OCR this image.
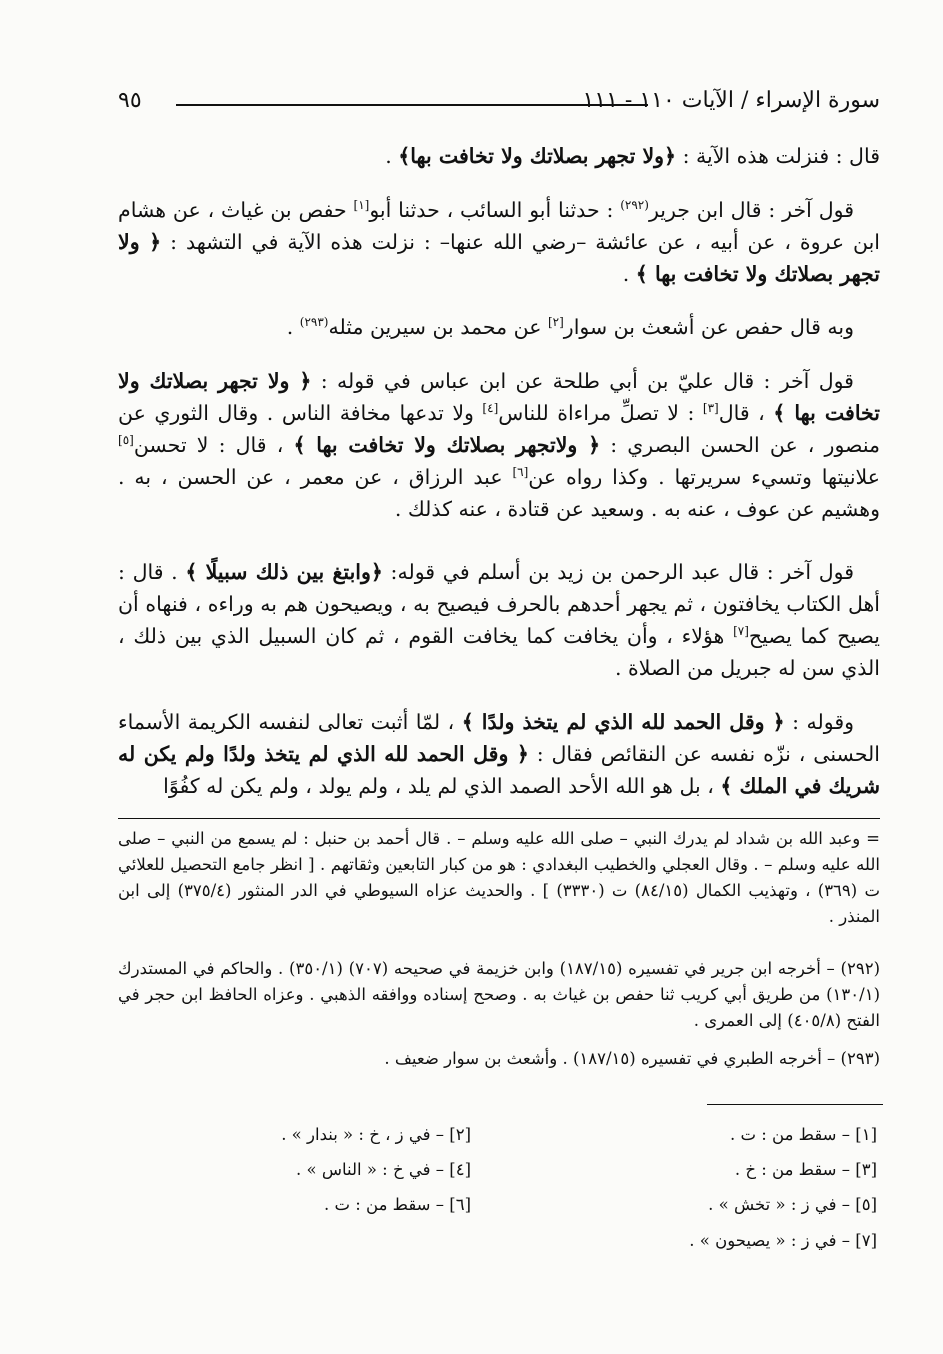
سورة الإسراء / الآيات ١١٠ - ١١١
٩٥
قال : فنزلت هذه الآية : ﴿ولا تجهر بصلاتك ولا تخافت بها﴾ .
قول آخر : قال ابن جرير$^{(٢٩٢)}$ : حدثنا أبو السائب ، حدثنا أبو[١] حفص بن غياث ، عن هشام ابن عروة ، عن أبيه ، عن عائشة –رضي الله عنها– : نزلت هذه الآية في التشهد : ﴿ ولا تجهر بصلاتك ولا تخافت بها ﴾ .
وبه قال حفص عن أشعث بن سوار[٢] عن محمد بن سيرين مثله$^{(٢٩٣)}$ .
قول آخر : قال عليّ بن أبي طلحة عن ابن عباس في قوله : ﴿ ولا تجهر بصلاتك ولا تخافت بها ﴾ ، قال[٣] : لا تصلِّ مراءاة للناس[٤] ولا تدعها مخافة الناس . وقال الثوري عن منصور ، عن الحسن البصري : ﴿ ولاتجهر بصلاتك ولا تخافت بها ﴾ ، قال : لا تحسن[٥] علانيتها وتسيء سريرتها . وكذا رواه عن[٦] عبد الرزاق ، عن معمر ، عن الحسن ، به . وهشيم عن عوف ، عنه به . وسعيد عن قتادة ، عنه كذلك .
قول آخر : قال عبد الرحمن بن زيد بن أسلم في قوله: ﴿وابتغ بين ذلك سبيلًا ﴾ . قال : أهل الكتاب يخافتون ، ثم يجهر أحدهم بالحرف فيصيح به ، ويصيحون هم به وراءه ، فنهاه أن يصيح كما يصيح[٧] هؤلاء ، وأن يخافت كما يخافت القوم ، ثم كان السبيل الذي بين ذلك ، الذي سن له جبريل من الصلاة .
وقوله : ﴿ وقل الحمد لله الذي لم يتخذ ولدًا ﴾ ، لمّا أثبت تعالى لنفسه الكريمة الأسماء الحسنى ، نزّه نفسه عن النقائص فقال : ﴿ وقل الحمد لله الذي لم يتخذ ولدًا ولم يكن له شريك في الملك ﴾ ، بل هو الله الأحد الصمد الذي لم يلد ، ولم يولد ، ولم يكن له كفُوًا
= وعبد الله بن شداد لم يدرك النبي – صلى الله عليه وسلم – . قال أحمد بن حنبل : لم يسمع من النبي – صلى الله عليه وسلم – . وقال العجلي والخطيب البغدادي : هو من كبار التابعين وثقاتهم . [ انظر جامع التحصيل للعلائي ت (٣٦٩) ، وتهذيب الكمال (٨٤/١٥) ت (٣٣٣٠) ] . والحديث عزاه السيوطي في الدر المنثور (٣٧٥/٤) إلى ابن المنذر .
(٢٩٢) – أخرجه ابن جرير في تفسيره (١٨٧/١٥) وابن خزيمة في صحيحه (٧٠٧) (٣٥٠/١) . والحاكم في المستدرك (١٣٠/١) من طريق أبي كريب ثنا حفص بن غياث به . وصحح إسناده ووافقه الذهبي . وعزاه الحافظ ابن حجر في الفتح (٤٠٥/٨) إلى العمرى .
(٢٩٣) – أخرجه الطبري في تفسيره (١٨٧/١٥) . وأشعث بن سوار ضعيف .
[١] – سقط من : ت .
[٢] – في ز ، خ : « بندار » .
[٣] – سقط من : خ .
[٤] – في خ : « الناس » .
[٥] – في ز : « تخش » .
[٦] – سقط من : ت .
[٧] – في ز : « يصيحون » .
